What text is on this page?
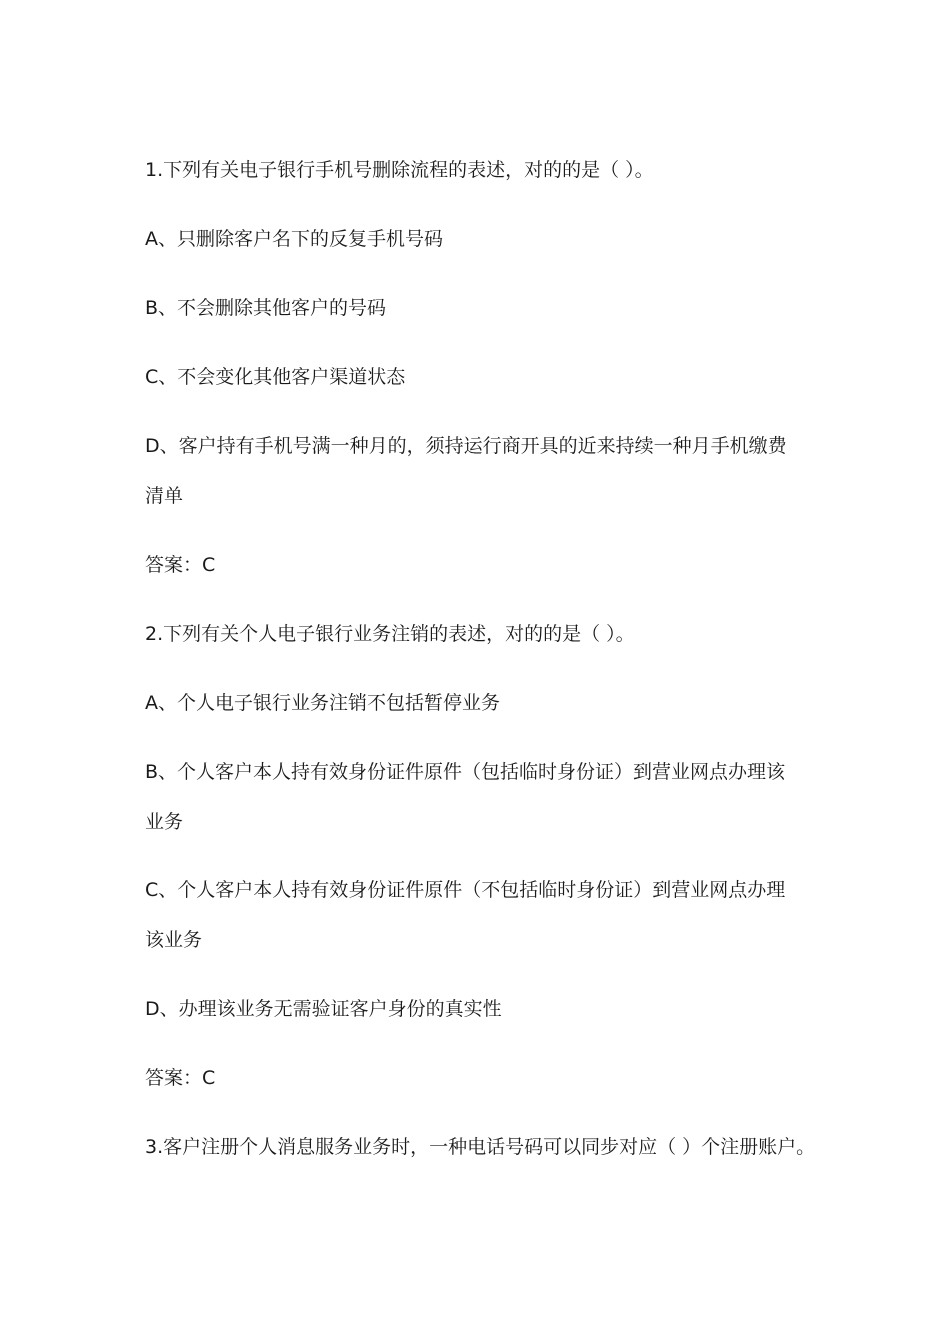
1.下列有关电子银行手机号删除流程的表述，对的的是（ ）。
A、只删除客户名下的反复手机号码
B、不会删除其他客户的号码
C、不会变化其他客户渠道状态
D、客户持有手机号满一种月的，须持运行商开具的近来持续一种月手机缴费
清单
答案：C
2.下列有关个人电子银行业务注销的表述，对的的是（ ）。
A、个人电子银行业务注销不包括暂停业务
B、个人客户本人持有效身份证件原件（包括临时身份证）到营业网点办理该
业务
C、个人客户本人持有效身份证件原件（不包括临时身份证）到营业网点办理
该业务
D、办理该业务无需验证客户身份的真实性
答案：C
3.客户注册个人消息服务业务时，一种电话号码可以同步对应（ ）个注册账户。
